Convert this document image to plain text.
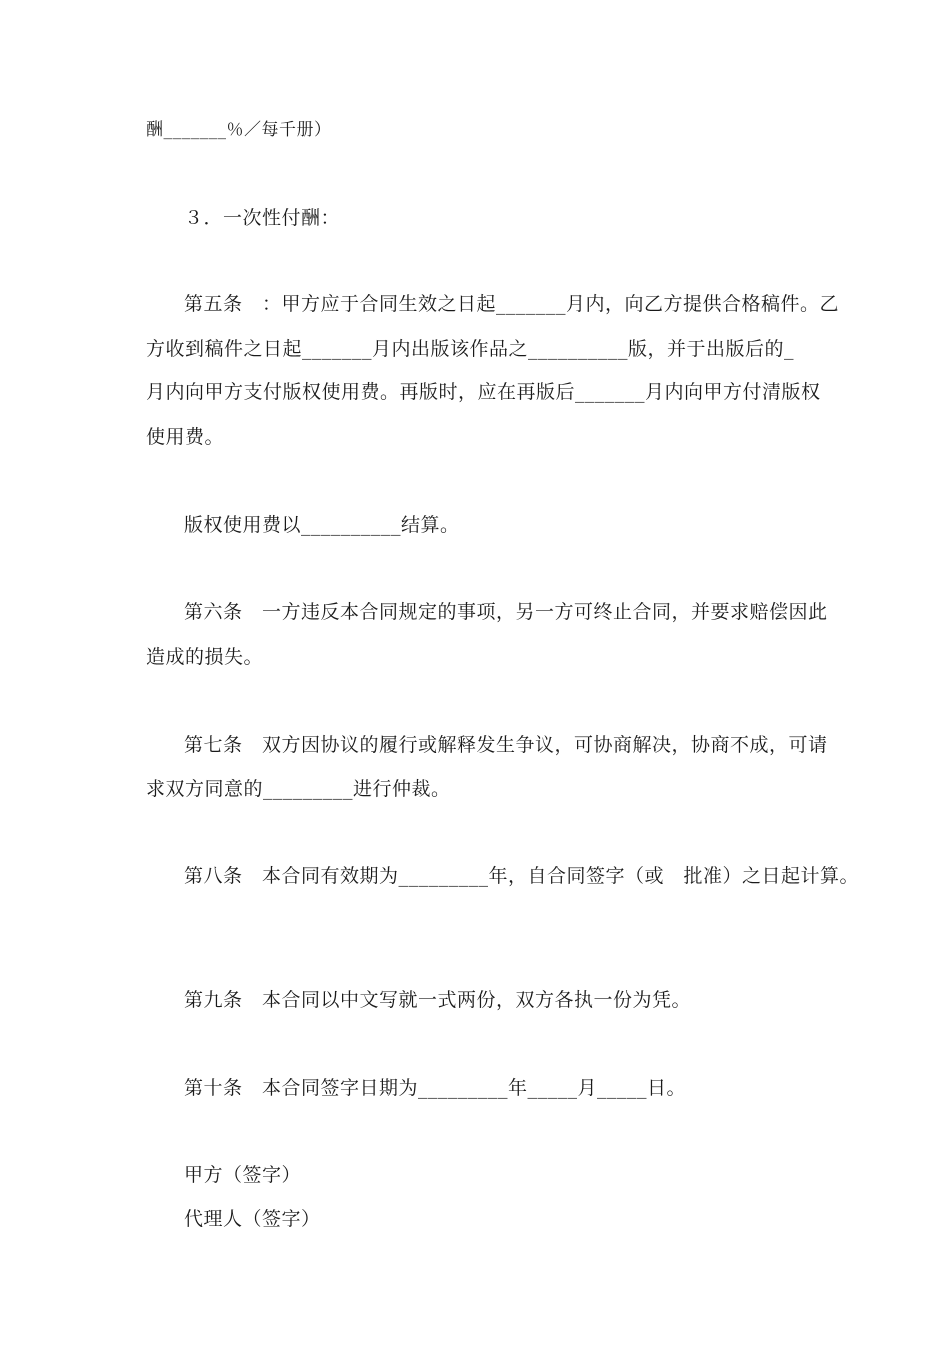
酬_______％／每千册）
３．一次性付酬：
第五条　：甲方应于合同生效之日起_______月内，向乙方提供合格稿件。乙
方收到稿件之日起_______月内出版该作品之__________版，并于出版后的_
月内向甲方支付版权使用费。再版时，应在再版后_______月内向甲方付清版权
使用费。
版权使用费以__________结算。
第六条　一方违反本合同规定的事项，另一方可终止合同，并要求赔偿因此
造成的损失。
第七条　双方因协议的履行或解释发生争议，可协商解决，协商不成，可请
求双方同意的_________进行仲裁。
第八条　本合同有效期为_________年，自合同签字（或　批准）之日起计算。
第九条　本合同以中文写就一式两份，双方各执一份为凭。
第十条　本合同签字日期为_________年_____月_____日。
甲方（签字）
代理人（签字）
